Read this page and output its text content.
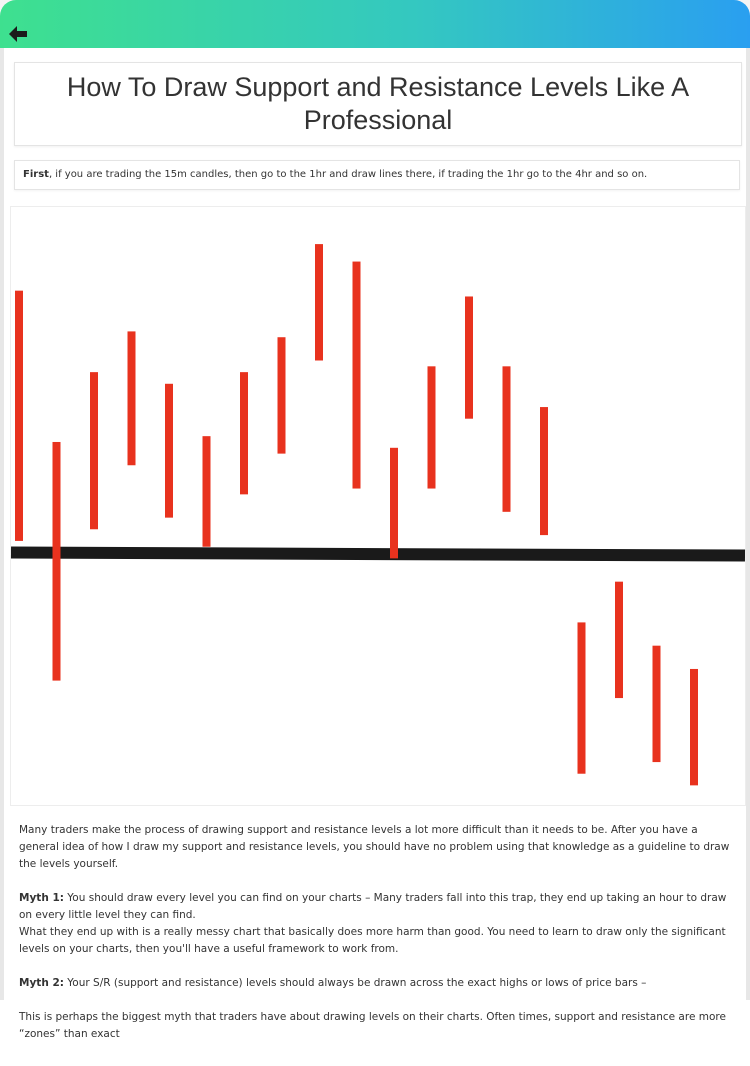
How To Draw Support and Resistance Levels Like A Professional
First, if you are trading the 15m candles, then go to the 1hr and draw lines there, if trading the 1hr go to the 4hr and so on.

Many traders make the process of drawing support and resistance levels a lot more difficult than it needs to be. After you have a general idea of how I draw my support and resistance levels, you should have no problem using that knowledge as a guideline to draw the levels yourself.

Myth 1: You should draw every level you can find on your charts – Many traders fall into this trap, they end up taking an hour to draw on every little level they can find.
What they end up with is a really messy chart that basically does more harm than good. You need to learn to draw only the significant levels on your charts, then you'll have a useful framework to work from.

Myth 2: Your S/R (support and resistance) levels should always be drawn across the exact highs or lows of price bars –

This is perhaps the biggest myth that traders have about drawing levels on their charts. Often times, support and resistance are more “zones” than exact
